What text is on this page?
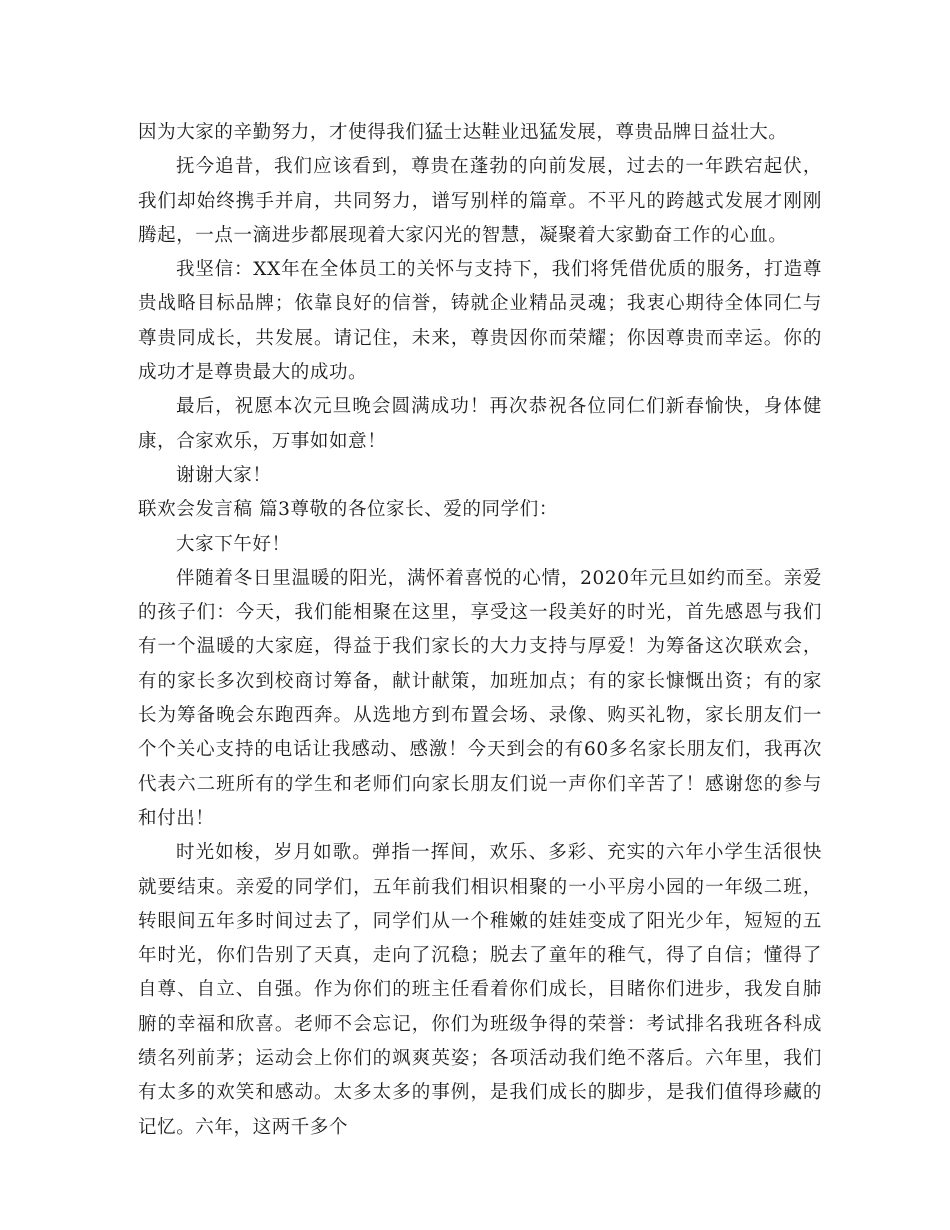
因为大家的辛勤努力，才使得我们猛士达鞋业迅猛发展，尊贵品牌日益壮大。

抚今追昔，我们应该看到，尊贵在蓬勃的向前发展，过去的一年跌宕起伏，我们却始终携手并肩，共同努力，谱写别样的篇章。不平凡的跨越式发展才刚刚腾起，一点一滴进步都展现着大家闪光的智慧，凝聚着大家勤奋工作的心血。

我坚信：XX年在全体员工的关怀与支持下，我们将凭借优质的服务，打造尊贵战略目标品牌；依靠良好的信誉，铸就企业精品灵魂；我衷心期待全体同仁与尊贵同成长，共发展。请记住，未来，尊贵因你而荣耀；你因尊贵而幸运。你的成功才是尊贵最大的成功。

最后，祝愿本次元旦晚会圆满成功！再次恭祝各位同仁们新春愉快，身体健康，合家欢乐，万事如如意！

谢谢大家！

联欢会发言稿 篇3尊敬的各位家长、爱的同学们：

大家下午好！

伴随着冬日里温暖的阳光，满怀着喜悦的心情，2020年元旦如约而至。亲爱的孩子们：今天，我们能相聚在这里，享受这一段美好的时光，首先感恩与我们有一个温暖的大家庭，得益于我们家长的大力支持与厚爱！为筹备这次联欢会，有的家长多次到校商讨筹备，献计献策，加班加点；有的家长慷慨出资；有的家长为筹备晚会东跑西奔。从选地方到布置会场、录像、购买礼物，家长朋友们一个个关心支持的电话让我感动、感激！今天到会的有60多名家长朋友们，我再次代表六二班所有的学生和老师们向家长朋友们说一声你们辛苦了！感谢您的参与和付出！

时光如梭，岁月如歌。弹指一挥间，欢乐、多彩、充实的六年小学生活很快就要结束。亲爱的同学们，五年前我们相识相聚的一小平房小园的一年级二班，转眼间五年多时间过去了，同学们从一个稚嫩的娃娃变成了阳光少年，短短的五年时光，你们告别了天真，走向了沉稳；脱去了童年的稚气，得了自信；懂得了自尊、自立、自强。作为你们的班主任看着你们成长，目睹你们进步，我发自肺腑的幸福和欣喜。老师不会忘记，你们为班级争得的荣誉：考试排名我班各科成绩名列前茅；运动会上你们的飒爽英姿；各项活动我们绝不落后。六年里，我们有太多的欢笑和感动。太多太多的事例，是我们成长的脚步，是我们值得珍藏的记忆。六年，这两千多个
